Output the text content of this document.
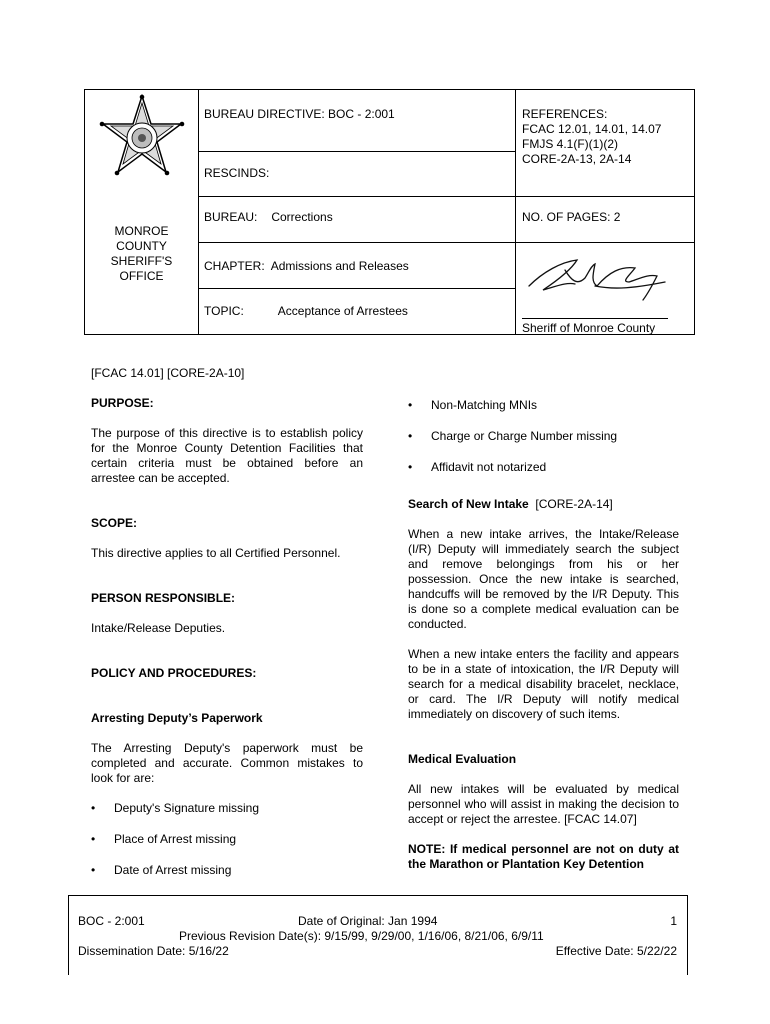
MONROE
COUNTY
SHERIFF'S
OFFICE
BUREAU DIRECTIVE: BOC - 2:001
RESCINDS:
REFERENCES:
FCAC 12.01, 14.01, 14.07
FMJS 4.1(F)(1)(2)
CORE-2A-13, 2A-14
BUREAU: Corrections	NO. OF PAGES: 2
CHAPTER: Admissions and Releases
TOPIC:	Acceptance of Arrestees
Sheriff of Monroe County
[FCAC 14.01] [CORE-2A-10]
PURPOSE:
The purpose of this directive is to establish policy for the Monroe County Detention Facilities that certain criteria must be obtained before an arrestee can be accepted.
SCOPE:
This directive applies to all Certified Personnel.
PERSON RESPONSIBLE:
Intake/Release Deputies.
POLICY AND PROCEDURES:
Arresting Deputy’s Paperwork
The Arresting Deputy's paperwork must be completed and accurate. Common mistakes to look for are:
• Deputy's Signature missing
• Place of Arrest missing
• Date of Arrest missing
• Non-Matching MNIs
• Charge or Charge Number missing
• Affidavit not notarized
Search of New Intake [CORE-2A-14]
When a new intake arrives, the Intake/Release (I/R) Deputy will immediately search the subject and remove belongings from his or her possession. Once the new intake is searched, handcuffs will be removed by the I/R Deputy. This is done so a complete medical evaluation can be conducted.
When a new intake enters the facility and appears to be in a state of intoxication, the I/R Deputy will search for a medical disability bracelet, necklace, or card. The I/R Deputy will notify medical immediately on discovery of such items.
Medical Evaluation
All new intakes will be evaluated by medical personnel who will assist in making the decision to accept or reject the arrestee. [FCAC 14.07]
NOTE: If medical personnel are not on duty at the Marathon or Plantation Key Detention
BOC - 2:001	Date of Original: Jan 1994	1
Previous Revision Date(s): 9/15/99, 9/29/00, 1/16/06, 8/21/06, 6/9/11
Dissemination Date: 5/16/22	Effective Date: 5/22/22
